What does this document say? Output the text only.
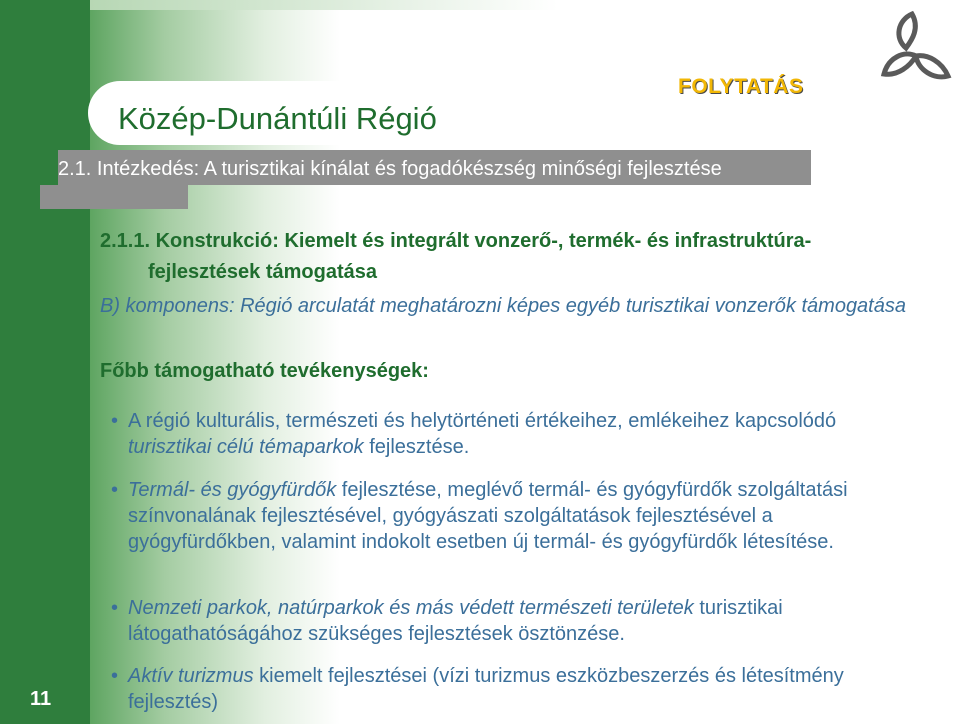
Közép-Dunántúli Régió
FOLYTATÁS
2.1. Intézkedés: A turisztikai kínálat és fogadókészség minőségi fejlesztése
2.1.1. Konstrukció: Kiemelt és integrált vonzerő-, termék- és infrastruktúra-
fejlesztések támogatása
B) komponens: Régió arculatát meghatározni képes egyéb turisztikai vonzerők támogatása
Főbb támogatható tevékenységek:
• A régió kulturális, természeti és helytörténeti értékeihez, emlékeihez kapcsolódó turisztikai célú témaparkok fejlesztése.
• Termál- és gyógyfürdők fejlesztése, meglévő termál- és gyógyfürdők szolgáltatási színvonalának fejlesztésével, gyógyászati szolgáltatások fejlesztésével a gyógyfürdőkben, valamint indokolt esetben új termál- és gyógyfürdők létesítése.
• Nemzeti parkok, natúrparkok és más védett természeti területek turisztikai látogathatóságához szükséges fejlesztések ösztönzése.
• Aktív turizmus kiemelt fejlesztései (vízi turizmus eszközbeszerzés és létesítmény fejlesztés)
11
